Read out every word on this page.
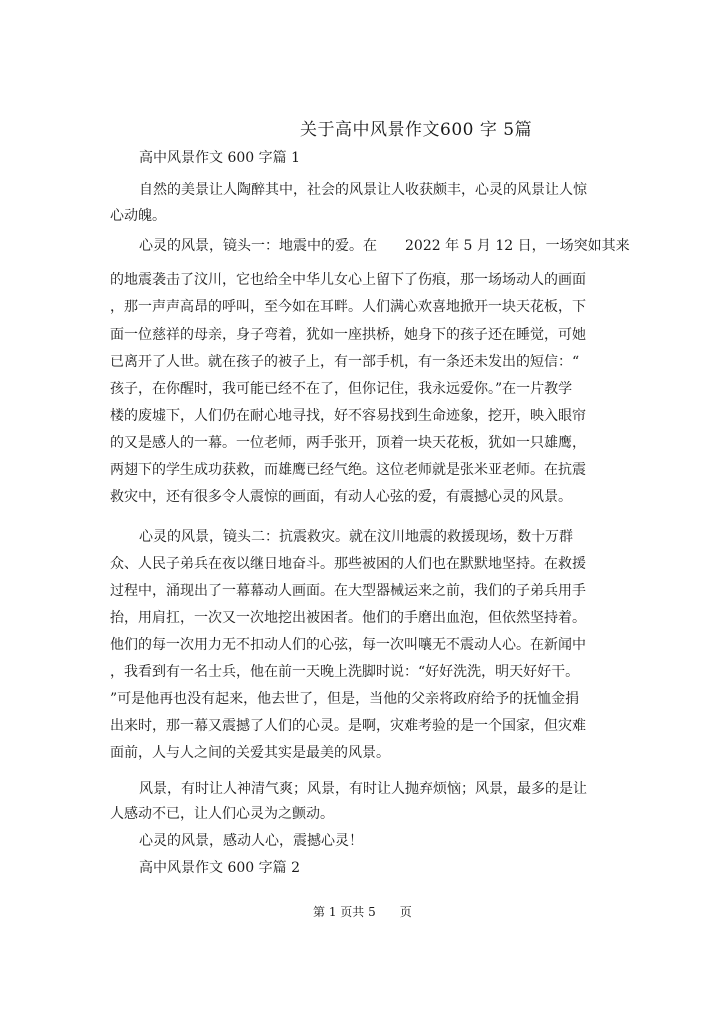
关于高中风景作文600 字 5篇
高中风景作文 600 字篇 1
自然的美景让人陶醉其中，社会的风景让人收获颇丰，心灵的风景让人惊
心动魄。
心灵的风景，镜头一：地震中的爱。在　　2022 年 5 月 12 日，一场突如其来
的地震袭击了汶川，它也给全中华儿女心上留下了伤痕，那一场场动人的画面
，那一声声高昂的呼叫，至今如在耳畔。人们满心欢喜地掀开一块天花板，下
面一位慈祥的母亲，身子弯着，犹如一座拱桥，她身下的孩子还在睡觉，可她
已离开了人世。就在孩子的被子上，有一部手机，有一条还未发出的短信：“
孩子，在你醒时，我可能已经不在了，但你记住，我永远爱你。”在一片教学
楼的废墟下，人们仍在耐心地寻找，好不容易找到生命迹象，挖开，映入眼帘
的又是感人的一幕。一位老师，两手张开，顶着一块天花板，犹如一只雄鹰，
两翅下的学生成功获救，而雄鹰已经气绝。这位老师就是张米亚老师。在抗震
救灾中，还有很多令人震惊的画面，有动人心弦的爱，有震撼心灵的风景。
心灵的风景，镜头二：抗震救灾。就在汶川地震的救援现场，数十万群
众、人民子弟兵在夜以继日地奋斗。那些被困的人们也在默默地坚持。在救援
过程中，涌现出了一幕幕动人画面。在大型器械运来之前，我们的子弟兵用手
抬，用肩扛，一次又一次地挖出被困者。他们的手磨出血泡，但依然坚持着。
他们的每一次用力无不扣动人们的心弦，每一次叫嚷无不震动人心。在新闻中
，我看到有一名士兵，他在前一天晚上洗脚时说：“好好洗洗，明天好好干。
”可是他再也没有起来，他去世了，但是，当他的父亲将政府给予的抚恤金捐
出来时，那一幕又震撼了人们的心灵。是啊，灾难考验的是一个国家，但灾难
面前，人与人之间的关爱其实是最美的风景。
风景，有时让人神清气爽；风景，有时让人抛弃烦恼；风景，最多的是让
人感动不已，让人们心灵为之颤动。
心灵的风景，感动人心，震撼心灵！
高中风景作文 600 字篇 2
第 1 页共 5　　页
